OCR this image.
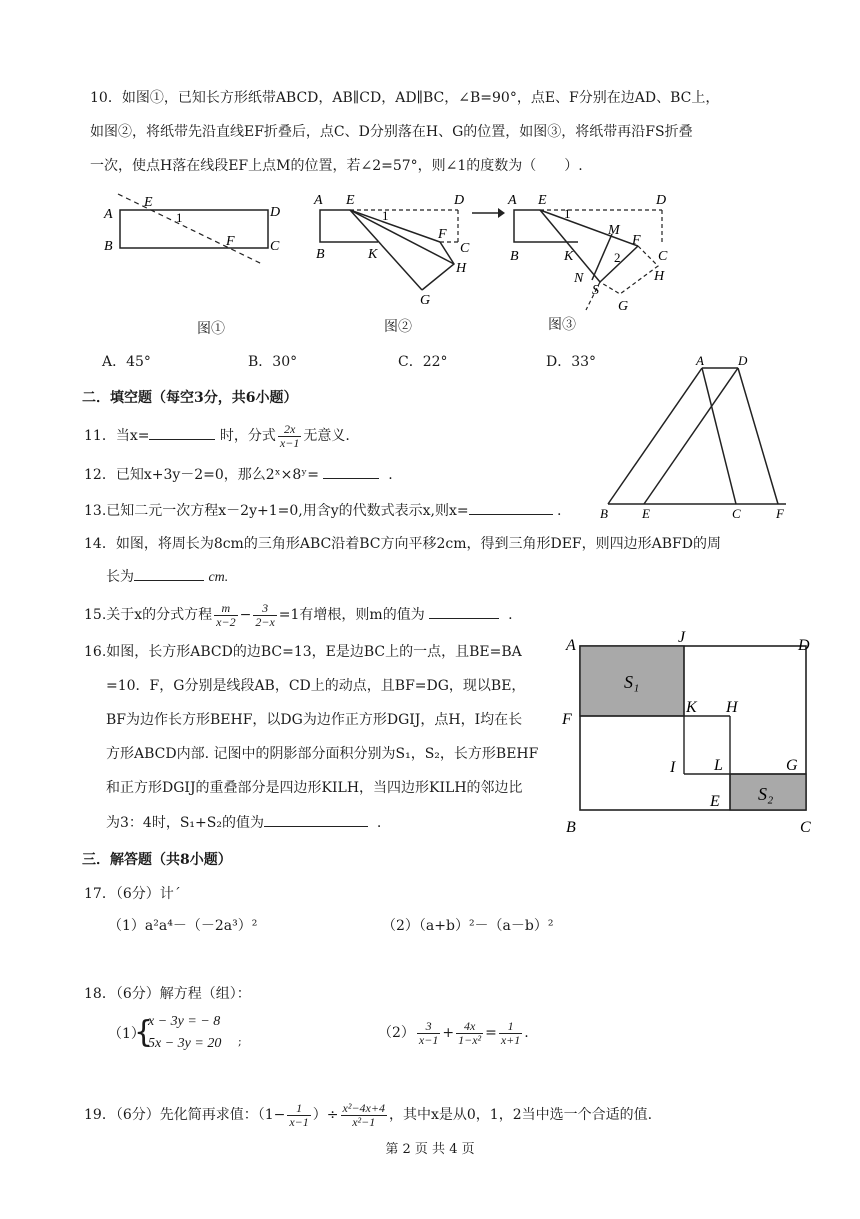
10．如图①，已知长方形纸带ABCD，AB∥CD，AD∥BC，∠B=90°，点E、F分别在边AD、BC上，
如图②，将纸带先沿直线EF折叠后，点C、D分别落在H、G的位置，如图③，将纸带再沿FS折叠
一次，使点H落在线段EF上点M的位置，若∠2=57°，则∠1的度数为（　　）.
A
B
E
1
F
D
C
图①
A E
1
D
B	K
F
C
H
G
图②
A E
1
D
B	K
M
F
C
2
H
N
S
G
图③
A．45°	B．30°	C．22°	D．33°
二．填空题（每空3分，共6小题）
11．当x=	时，分式 $\frac{2x}{x-1}$ 无意义.
12．已知x+3y－2=0，那么2ˣ×8ʸ=	.
13.已知二元一次方程x－2y+1=0,用含y的代数式表示x,则x=	.
A	D
B	E	C	F
14．如图，将周长为8cm的三角形ABC沿着BC方向平移2cm，得到三角形DEF，则四边形ABFD的周
长为	cm.
15.关于x的分式方程 $\frac{m}{x-2} - \frac{3}{2-x} =1$有增根，则m的值为	.
16.如图，长方形ABCD的边BC=13，E是边BC上的一点，且BE=BA
=10．F，G分别是线段AB，CD上的动点，且BF=DG，现以BE，
BF为边作长方形BEHF，以DG为边作正方形DGIJ，点H，I均在长
方形ABCD内部. 记图中的阴影部分面积分别为S₁，S₂，长方形BEHF
和正方形DGIJ的重叠部分是四边形KILH，当四边形KILH的邻边比
为3：4时，S₁+S₂的值为	.
A	J	D
S₁
F
K H
I L	G
E S₂
B	C
三．解答题（共8小题）
17．（6分）计´
（1）a²a⁴－（－2a³）²	（2）（a+b）²－（a－b）²
18．（6分）解方程（组）：
（1）
{
x − 3y = − 8
5x − 3y = 20 ;
$(2) \frac{3}{x-1} + \frac{4x}{\text{1−x²}} = \frac{1}{x+1}$ .
19．（6分）先化简再求值：（$1- \frac{1}{x-1}$ ）÷ $\frac{\text{x²−4x+4}}{\text{x²−1}}$ ，其中x是从0，1，2当中选一个合适的值.
第 2 页 共 4 页
